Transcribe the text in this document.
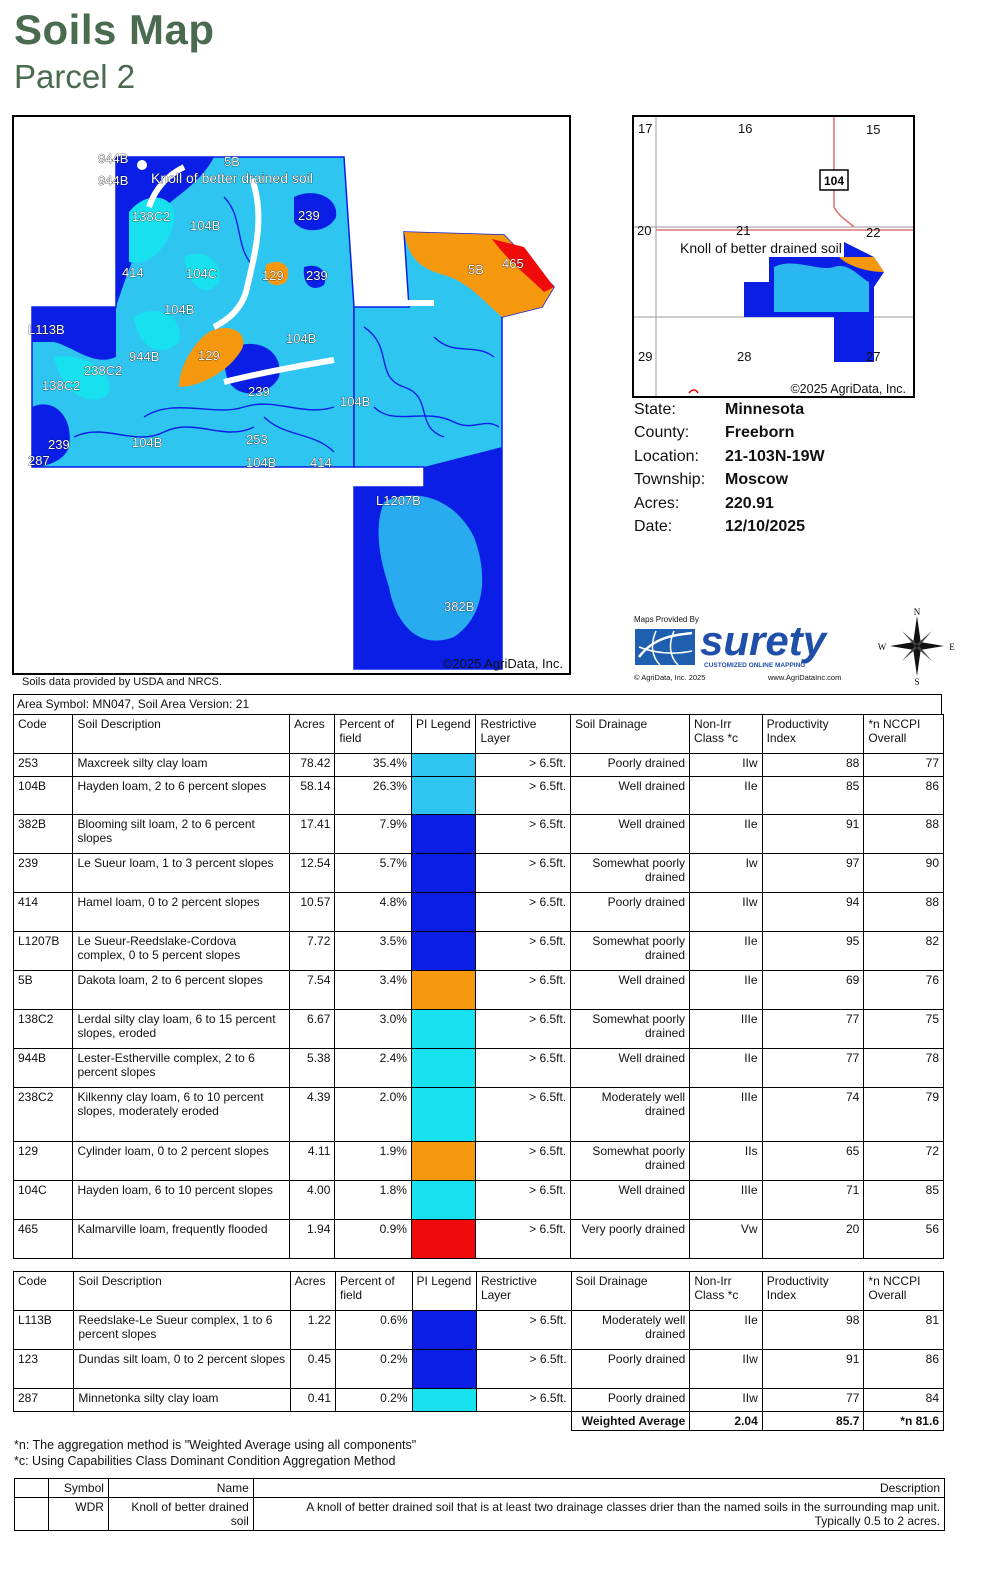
Soils Map
Parcel 2
Knoll of better drained soil
944B
944B
5B
138C2
104B
239
414	104C	129 239	5B 465
104B
L113B
944B	129
104B
238C2
138C2	239
104B
239	253
104B
287	104B	414
L1207B
382B
©2025 AgriData, Inc.
Soils data provided by USDA and NRCS.
104
17	16	15
20	21	22
29	28	27
Knoll of better drained soil
©2025 AgriData, Inc.
State:	Minnesota
County:	Freeborn
Location:	21-103N-19W
Township:	Moscow
Acres:	220.91
Date:	12/10/2025
Maps Provided By surety
CUSTOMIZED ONLINE MAPPING
© AgriData, Inc. 2025	www.AgriDataInc.com
N
S
W	E
Area Symbol: MN047, Soil Area Version: 21
Code	Soil Description	Acres	Percent of field	PI Legend	Restrictive Layer	Soil Drainage	Non-Irr Class *c	Productivity Index	*n NCCPI Overall
253	Maxcreek silty clay loam	78.42	35.4%		> 6.5ft.	Poorly drained	IIw	88	77
104B	Hayden loam, 2 to 6 percent slopes	58.14	26.3%		> 6.5ft.	Well drained	IIe	85	86
382B	Blooming silt loam, 2 to 6 percent slopes	17.41	7.9%		> 6.5ft.	Well drained	IIe	91	88
239	Le Sueur loam, 1 to 3 percent slopes	12.54	5.7%		> 6.5ft.	Somewhat poorly drained	Iw	97	90
414	Hamel loam, 0 to 2 percent slopes	10.57	4.8%		> 6.5ft.	Poorly drained	IIw	94	88
L1207B	Le Sueur-Reedslake-Cordova complex, 0 to 5 percent slopes	7.72	3.5%		> 6.5ft.	Somewhat poorly drained	IIe	95	82
5B	Dakota loam, 2 to 6 percent slopes	7.54	3.4%		> 6.5ft.	Well drained	IIe	69	76
138C2	Lerdal silty clay loam, 6 to 15 percent slopes, eroded	6.67	3.0%		> 6.5ft.	Somewhat poorly drained	IIIe	77	75
944B	Lester-Estherville complex, 2 to 6 percent slopes	5.38	2.4%		> 6.5ft.	Well drained	IIe	77	78
238C2	Kilkenny clay loam, 6 to 10 percent slopes, moderately eroded	4.39	2.0%		> 6.5ft.	Moderately well drained	IIIe	74	79
129	Cylinder loam, 0 to 2 percent slopes	4.11	1.9%		> 6.5ft.	Somewhat poorly drained	IIs	65	72
104C	Hayden loam, 6 to 10 percent slopes	4.00	1.8%		> 6.5ft.	Well drained	IIIe	71	85
465	Kalmarville loam, frequently flooded	1.94	0.9%		> 6.5ft.	Very poorly drained	Vw	20	56
Code	Soil Description	Acres	Percent of field	PI Legend	Restrictive Layer	Soil Drainage	Non-Irr Class *c	Productivity Index	*n NCCPI Overall
L113B	Reedslake-Le Sueur complex, 1 to 6 percent slopes	1.22	0.6%		> 6.5ft.	Moderately well drained	IIe	98	81
123	Dundas silt loam, 0 to 2 percent slopes	0.45	0.2%		> 6.5ft.	Poorly drained	IIw	91	86
287	Minnetonka silty clay loam	0.41	0.2%		> 6.5ft.	Poorly drained	IIw	77	84
						Weighted Average	2.04	85.7	*n 81.6
*n: The aggregation method is "Weighted Average using all components"
*c: Using Capabilities Class Dominant Condition Aggregation Method
	Symbol	Name	Description
	WDR	Knoll of better drained soil	A knoll of better drained soil that is at least two drainage classes drier than the named soils in the surrounding map unit. Typically 0.5 to 2 acres.
